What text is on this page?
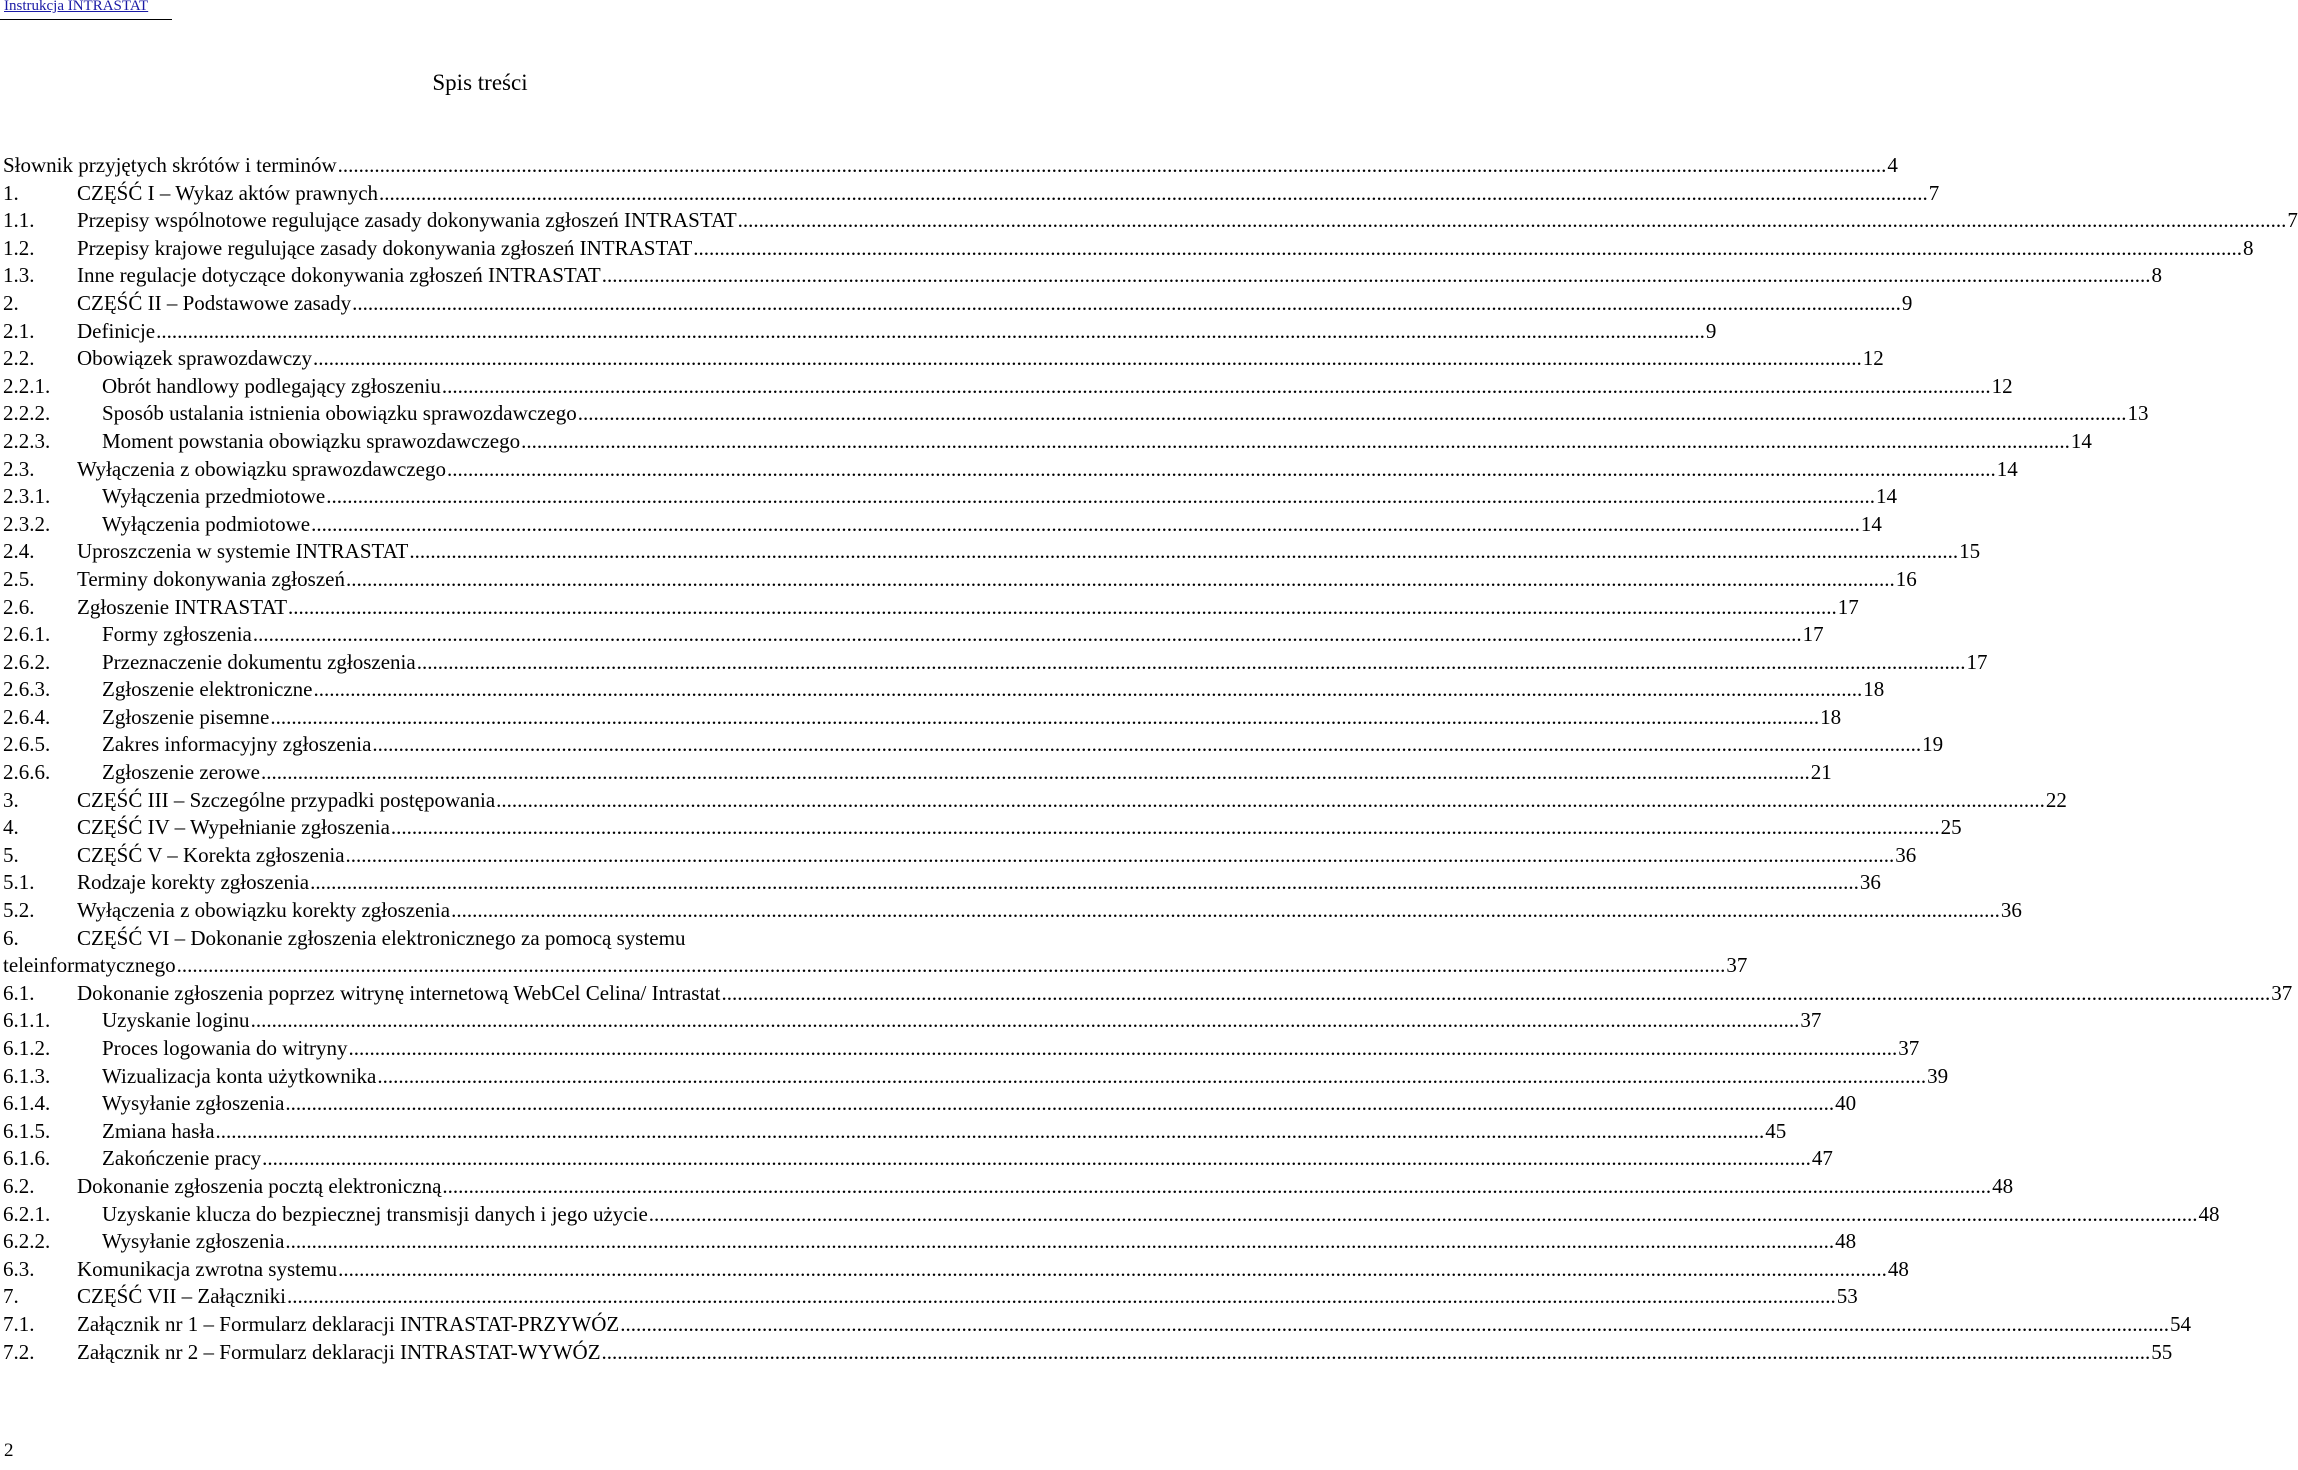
Instrukcja INTRASTAT
Spis treści
Słownik przyjętych skrótów i terminów .....	4
1.	CZĘŚĆ I – Wykaz aktów prawnych .....	7
1.1.	Przepisy wspólnotowe regulujące zasady dokonywania zgłoszeń INTRASTAT .....	7
1.2.	Przepisy krajowe regulujące zasady dokonywania zgłoszeń INTRASTAT .....	8
1.3.	Inne regulacje dotyczące dokonywania zgłoszeń INTRASTAT .....	8
2.	CZĘŚĆ II – Podstawowe zasady .....	9
2.1.	Definicje .....	9
2.2.	Obowiązek sprawozdawczy .....	12
2.2.1.	Obrót handlowy podlegający zgłoszeniu .....	12
2.2.2.	Sposób ustalania istnienia obowiązku sprawozdawczego .....	13
2.2.3.	Moment powstania obowiązku sprawozdawczego .....	14
2.3.	Wyłączenia z obowiązku sprawozdawczego .....	14
2.3.1.	Wyłączenia przedmiotowe .....	14
2.3.2.	Wyłączenia podmiotowe .....	14
2.4.	Uproszczenia w systemie INTRASTAT .....	15
2.5.	Terminy dokonywania zgłoszeń .....	16
2.6.	Zgłoszenie INTRASTAT .....	17
2.6.1.	Formy zgłoszenia .....	17
2.6.2.	Przeznaczenie dokumentu zgłoszenia .....	17
2.6.3.	Zgłoszenie elektroniczne .....	18
2.6.4.	Zgłoszenie pisemne .....	18
2.6.5.	Zakres informacyjny zgłoszenia .....	19
2.6.6.	Zgłoszenie zerowe .....	21
3.	CZĘŚĆ III – Szczególne przypadki postępowania .....	22
4.	CZĘŚĆ IV – Wypełnianie zgłoszenia .....	25
5.	CZĘŚĆ V – Korekta zgłoszenia .....	36
5.1.	Rodzaje korekty zgłoszenia .....	36
5.2.	Wyłączenia z obowiązku korekty zgłoszenia .....	36
6.	CZĘŚĆ VI – Dokonanie zgłoszenia elektronicznego za pomocą systemu
teleinformatycznego .....	37
6.1.	Dokonanie zgłoszenia poprzez witrynę internetową WebCel Celina/ Intrastat .....	37
6.1.1.	Uzyskanie loginu .....	37
6.1.2.	Proces logowania do witryny .....	37
6.1.3.	Wizualizacja konta użytkownika .....	39
6.1.4.	Wysyłanie zgłoszenia .....	40
6.1.5.	Zmiana hasła .....	45
6.1.6.	Zakończenie pracy .....	47
6.2.	Dokonanie zgłoszenia pocztą elektroniczną .....	48
6.2.1.	Uzyskanie klucza do bezpiecznej transmisji danych i jego użycie .....	48
6.2.2.	Wysyłanie zgłoszenia .....	48
6.3.	Komunikacja zwrotna systemu .....	48
7.	CZĘŚĆ VII – Załączniki .....	53
7.1.	Załącznik nr 1 – Formularz deklaracji INTRASTAT-PRZYWÓZ .....	54
7.2.	Załącznik nr 2 – Formularz deklaracji INTRASTAT-WYWÓZ .....	55
2
